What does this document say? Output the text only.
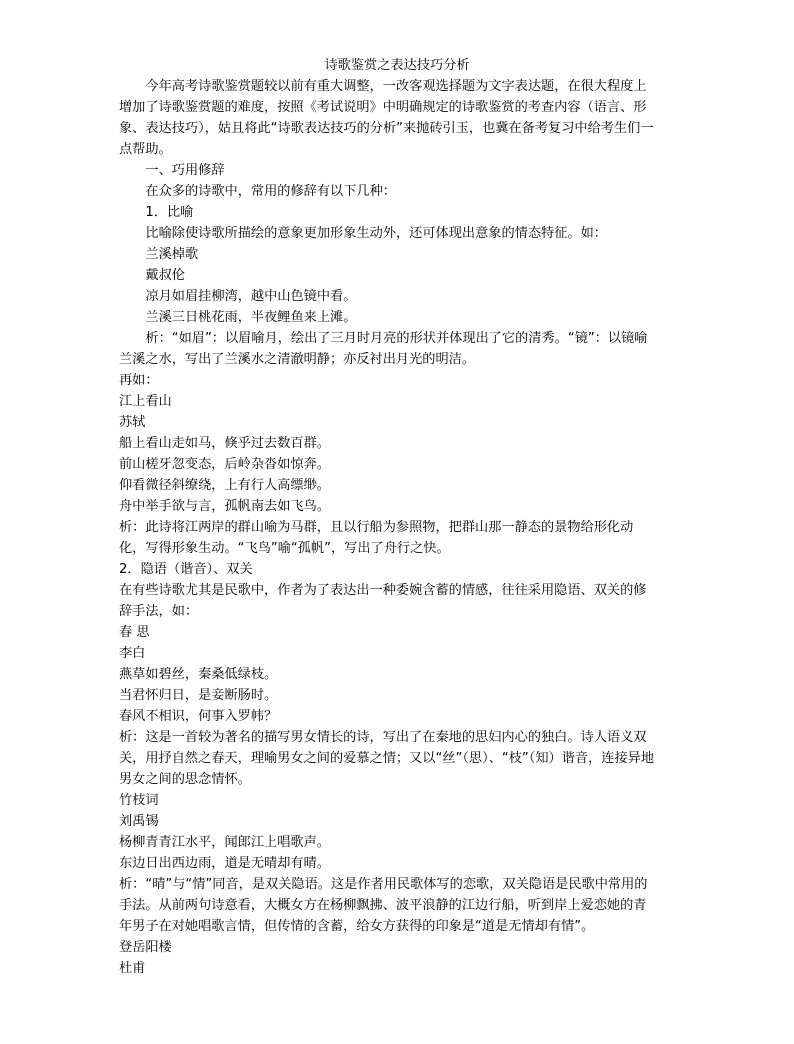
诗歌鉴赏之表达技巧分析

今年高考诗歌鉴赏题较以前有重大调整，一改客观选择题为文字表达题，在很大程度上增加了诗歌鉴赏题的难度，按照《考试说明》中明确规定的诗歌鉴赏的考查内容（语言、形象、表达技巧），姑且将此“诗歌表达技巧的分析”来抛砖引玉，也冀在备考复习中给考生们一点帮助。

一、巧用修辞

在众多的诗歌中，常用的修辞有以下几种：

1．比喻

比喻除使诗歌所描绘的意象更加形象生动外，还可体现出意象的情态特征。如：

兰溪棹歌

戴叔伦

凉月如眉挂柳湾，越中山色镜中看。

兰溪三日桃花雨，半夜鲤鱼来上滩。

析：“如眉”：以眉喻月，绘出了三月时月亮的形状并体现出了它的清秀。“镜”：以镜喻兰溪之水，写出了兰溪水之清澈明静；亦反衬出月光的明洁。

再如：

江上看山

苏轼

船上看山走如马，倏乎过去数百群。

前山槎牙忽变态，后岭杂沓如惊奔。

仰看微径斜缭绕，上有行人高缥缈。

舟中举手欲与言，孤帆南去如飞鸟。

析：此诗将江两岸的群山喻为马群，且以行船为参照物，把群山那一静态的景物给形化动化，写得形象生动。“飞鸟”喻“孤帆”，写出了舟行之快。

2．隐语（谐音）、双关

在有些诗歌尤其是民歌中，作者为了表达出一种委婉含蓄的情感，往往采用隐语、双关的修辞手法，如：

春 思

李白

燕草如碧丝，秦桑低绿枝。

当君怀归日，是妾断肠时。

春风不相识，何事入罗帏？

析：这是一首较为著名的描写男女情长的诗，写出了在秦地的思妇内心的独白。诗人语义双关，用抒自然之春天，理喻男女之间的爱慕之情；又以“丝”（思）、“枝”（知）谐音，连接异地男女之间的思念情怀。

竹枝词

刘禹锡

杨柳青青江水平，闻郎江上唱歌声。

东边日出西边雨，道是无晴却有晴。

析：“晴”与“情”同音，是双关隐语。这是作者用民歌体写的恋歌，双关隐语是民歌中常用的手法。从前两句诗意看，大概女方在杨柳飘拂、波平浪静的江边行船，听到岸上爱恋她的青年男子在对她唱歌言情，但传情的含蓄，给女方获得的印象是“道是无情却有情”。

登岳阳楼

杜甫
